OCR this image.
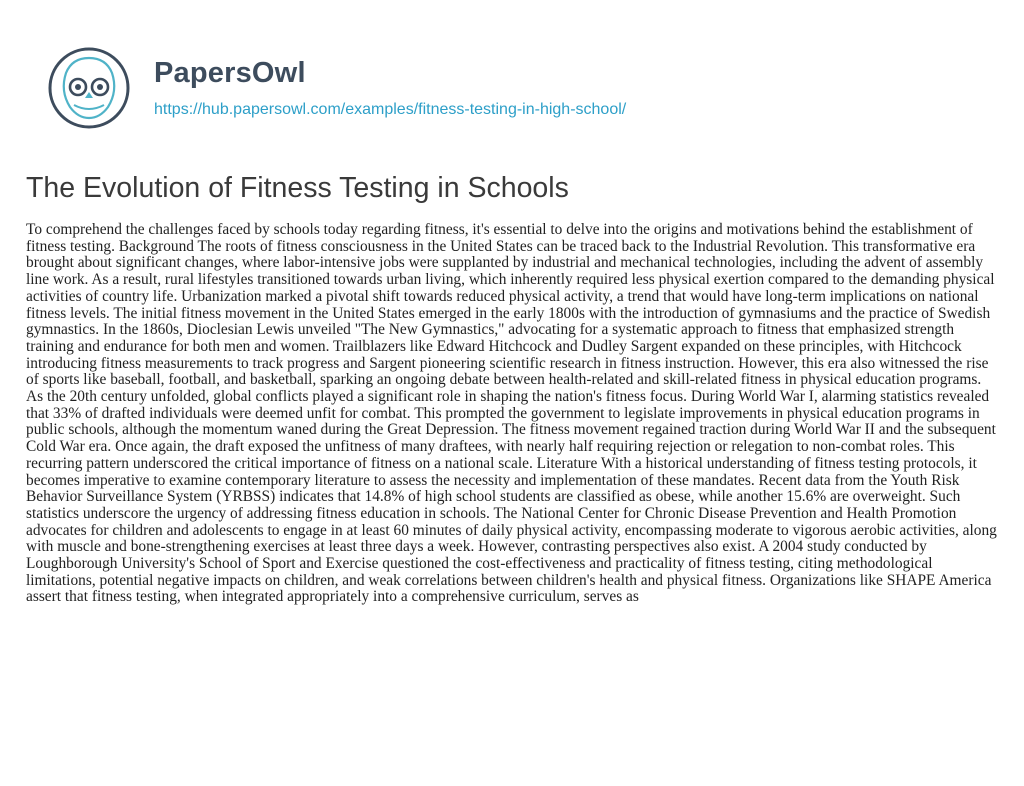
PapersOwl
https://hub.papersowl.com/examples/fitness-testing-in-high-school/
The Evolution of Fitness Testing in Schools

To comprehend the challenges faced by schools today regarding fitness, it's essential to delve into the origins and motivations behind the establishment of fitness testing. Background The roots of fitness consciousness in the United States can be traced back to the Industrial Revolution. This transformative era brought about significant changes, where labor-intensive jobs were supplanted by industrial and mechanical technologies, including the advent of assembly line work. As a result, rural lifestyles transitioned towards urban living, which inherently required less physical exertion compared to the demanding physical activities of country life. Urbanization marked a pivotal shift towards reduced physical activity, a trend that would have long-term implications on national fitness levels. The initial fitness movement in the United States emerged in the early 1800s with the introduction of gymnasiums and the practice of Swedish gymnastics. In the 1860s, Dioclesian Lewis unveiled "The New Gymnastics," advocating for a systematic approach to fitness that emphasized strength training and endurance for both men and women. Trailblazers like Edward Hitchcock and Dudley Sargent expanded on these principles, with Hitchcock introducing fitness measurements to track progress and Sargent pioneering scientific research in fitness instruction. However, this era also witnessed the rise of sports like baseball, football, and basketball, sparking an ongoing debate between health-related and skill-related fitness in physical education programs. As the 20th century unfolded, global conflicts played a significant role in shaping the nation's fitness focus. During World War I, alarming statistics revealed that 33% of drafted individuals were deemed unfit for combat. This prompted the government to legislate improvements in physical education programs in public schools, although the momentum waned during the Great Depression. The fitness movement regained traction during World War II and the subsequent Cold War era. Once again, the draft exposed the unfitness of many draftees, with nearly half requiring rejection or relegation to non-combat roles. This recurring pattern underscored the critical importance of fitness on a national scale. Literature With a historical understanding of fitness testing protocols, it becomes imperative to examine contemporary literature to assess the necessity and implementation of these mandates. Recent data from the Youth Risk Behavior Surveillance System (YRBSS) indicates that 14.8% of high school students are classified as obese, while another 15.6% are overweight. Such statistics underscore the urgency of addressing fitness education in schools. The National Center for Chronic Disease Prevention and Health Promotion advocates for children and adolescents to engage in at least 60 minutes of daily physical activity, encompassing moderate to vigorous aerobic activities, along with muscle and bone-strengthening exercises at least three days a week. However, contrasting perspectives also exist. A 2004 study conducted by Loughborough University's School of Sport and Exercise questioned the cost-effectiveness and practicality of fitness testing, citing methodological limitations, potential negative impacts on children, and weak correlations between children's health and physical fitness. Organizations like SHAPE America assert that fitness testing, when integrated appropriately into a comprehensive curriculum, serves as
